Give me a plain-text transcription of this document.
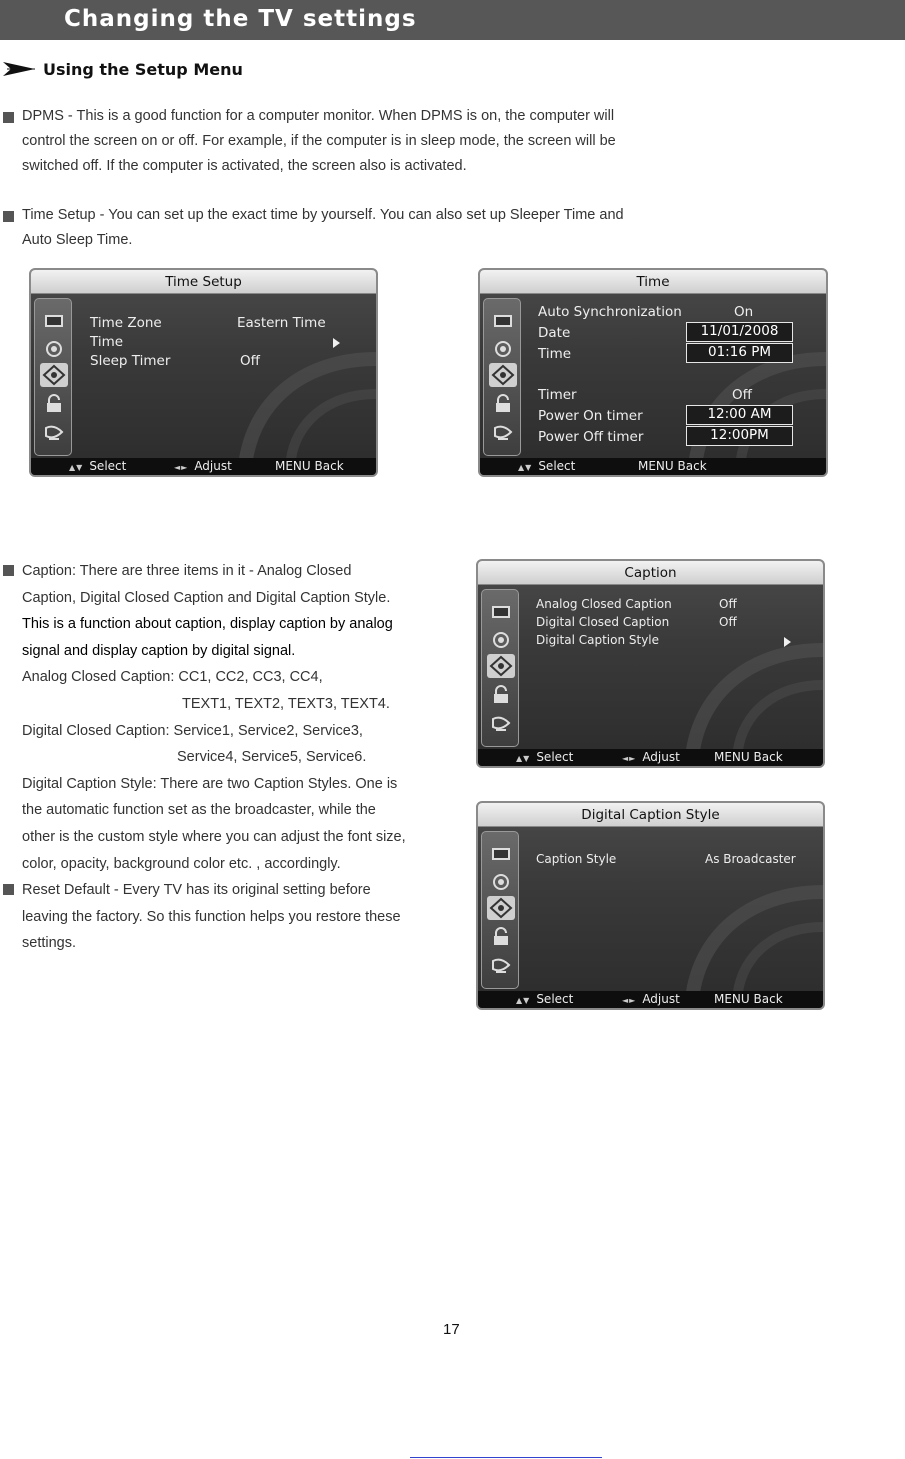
Changing the TV settings
Using the Setup Menu
DPMS - This is a good function for a computer monitor. When DPMS is on, the computer will
control the screen on or off. For example, if the computer is in sleep mode, the screen will be
switched off. If the computer is activated, the screen also is activated.
Time Setup - You can set up the exact time by yourself. You can also set up Sleeper Time and
Auto Sleep Time.
Time Setup
Time Zone	Eastern Time
Time
Sleep Timer	Off
▲▼ Select	◄► Adjust	MENU Back
Time
Auto Synchronization	On
Date	11/01/2008
Time	01:16 PM
Timer	Off
Power On timer	12:00 AM
Power Off timer	12:00PM
▲▼ Select	MENU Back
Caption: There are three items in it - Analog Closed
Caption, Digital Closed Caption and Digital Caption Style.
This is a function about caption, display caption by analog
signal and display caption by digital signal.
Analog Closed Caption: CC1, CC2, CC3, CC4,
TEXT1, TEXT2, TEXT3, TEXT4.
Digital Closed Caption: Service1, Service2, Service3,
Service4, Service5, Service6.
Digital Caption Style: There are two Caption Styles. One is
the automatic function set as the broadcaster, while the
other is the custom style where you can adjust the font size,
color, opacity, background color etc. , accordingly.
Reset Default - Every TV has its original setting before
leaving the factory. So this function helps you restore these
settings.
Caption
Analog Closed Caption	Off
Digital Closed Caption	Off
Digital Caption Style
▲▼ Select	◄► Adjust	MENU Back
Digital Caption Style
Caption Style	As Broadcaster
▲▼ Select	◄► Adjust	MENU Back
17
